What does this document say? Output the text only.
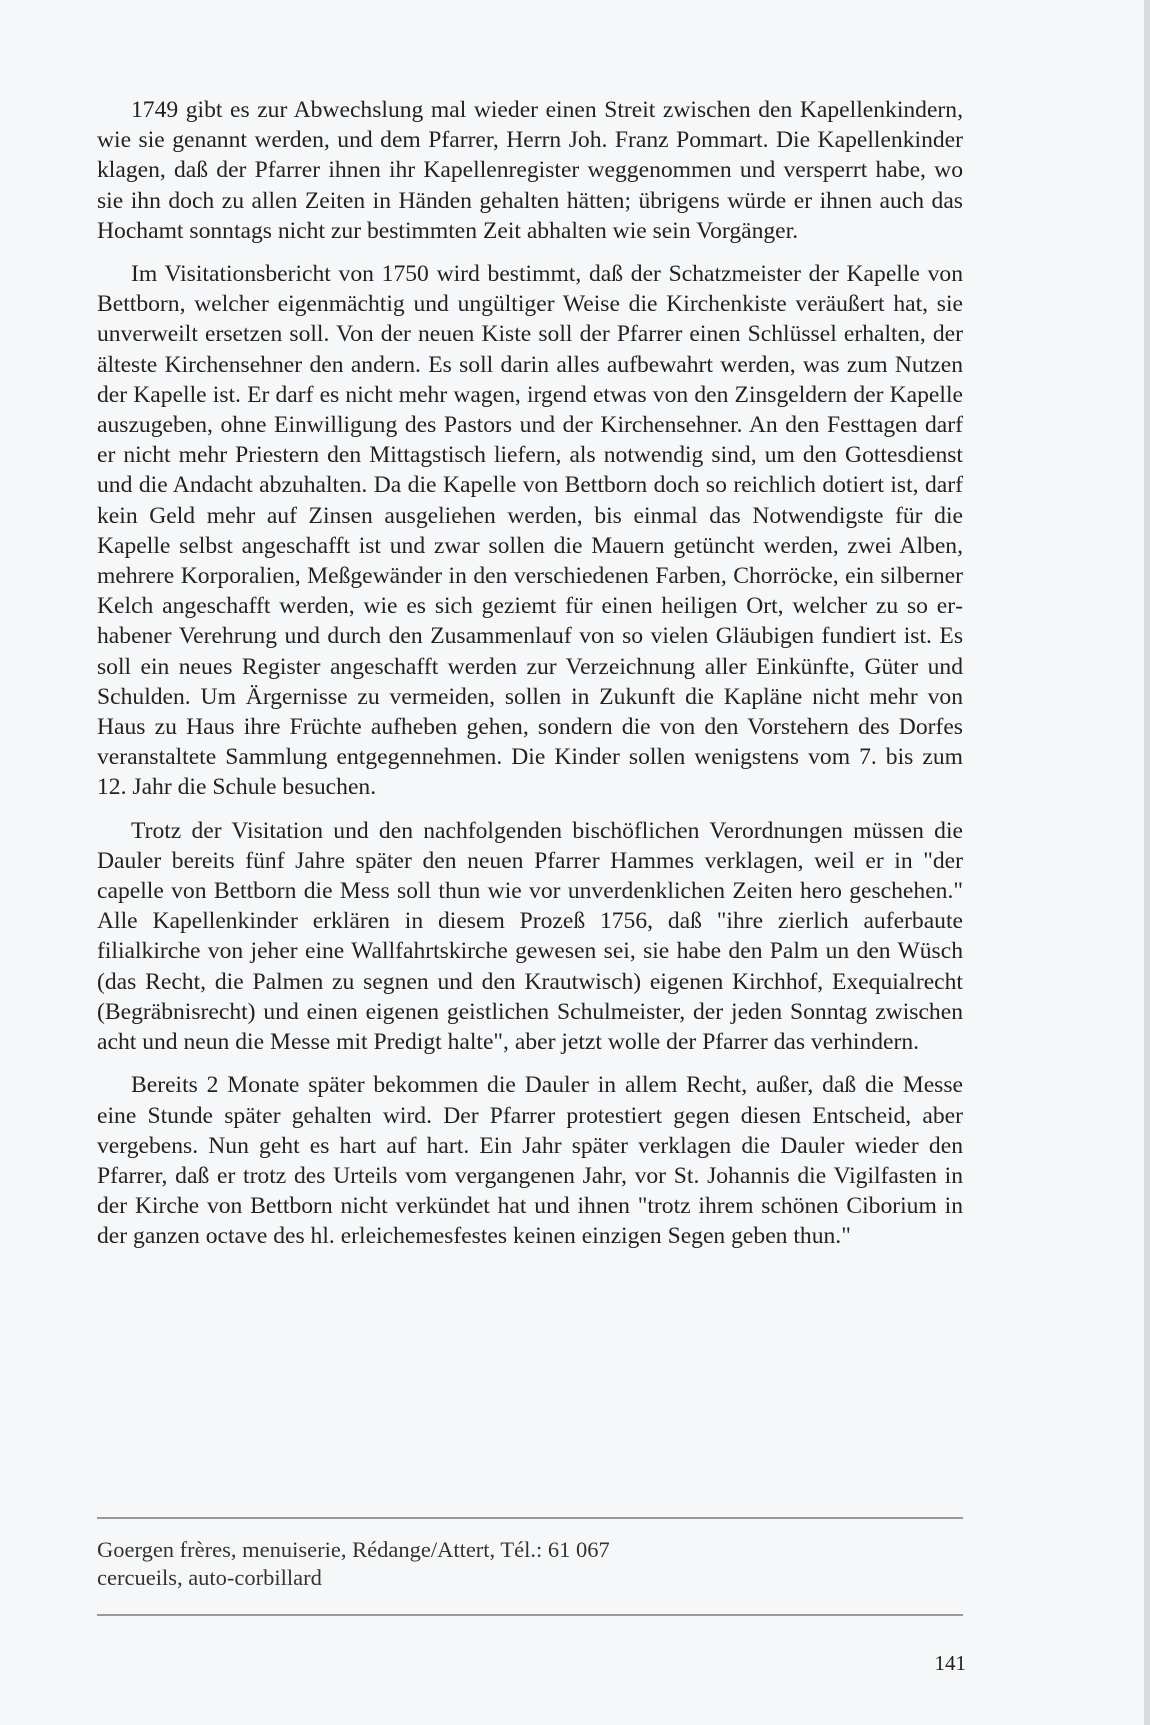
1749 gibt es zur Abwechslung mal wieder einen Streit zwischen den Kapellenkindern, wie sie genannt werden, und dem Pfarrer, Herrn Joh. Franz Pommart. Die Kapellenkinder klagen, daß der Pfarrer ihnen ihr Kapellenregister weggenommen und versperrt habe, wo sie ihn doch zu allen Zeiten in Händen gehalten hätten; übrigens würde er ihnen auch das Hochamt sonntags nicht zur bestimmten Zeit abhalten wie sein Vorgänger.

Im Visitationsbericht von 1750 wird bestimmt, daß der Schatzmeister der Kapelle von Bettborn, welcher eigenmächtig und ungültiger Weise die Kirchenkiste veräußert hat, sie unverweilt ersetzen soll. Von der neuen Kiste soll der Pfarrer einen Schlüssel erhalten, der älteste Kirchensehner den andern. Es soll darin alles aufbewahrt werden, was zum Nutzen der Kapelle ist. Er darf es nicht mehr wagen, irgend etwas von den Zinsgeldern der Kapelle auszugeben, ohne Einwilligung des Pastors und der Kirchensehner. An den Festtagen darf er nicht mehr Priestern den Mittagstisch liefern, als notwendig sind, um den Gottesdienst und die Andacht abzuhalten. Da die Kapelle von Bettborn doch so reichlich dotiert ist, darf kein Geld mehr auf Zinsen ausgeliehen werden, bis einmal das Notwendigste für die Kapelle selbst angeschafft ist und zwar sollen die Mauern getüncht werden, zwei Alben, mehrere Korporalien, Meßgewänder in den verschiedenen Farben, Chorröcke, ein silberner Kelch angeschafft werden, wie es sich geziemt für einen heiligen Ort, welcher zu so erhabener Verehrung und durch den Zusammenlauf von so vielen Gläubigen fundiert ist. Es soll ein neues Register angeschafft werden zur Verzeichnung aller Einkünfte, Güter und Schulden. Um Ärgernisse zu vermeiden, sollen in Zukunft die Kapläne nicht mehr von Haus zu Haus ihre Früchte aufheben gehen, sondern die von den Vorstehern des Dorfes veranstaltete Sammlung entgegennehmen. Die Kinder sollen wenigstens vom 7. bis zum 12. Jahr die Schule besuchen.

Trotz der Visitation und den nachfolgenden bischöflichen Verordnungen müssen die Dauler bereits fünf Jahre später den neuen Pfarrer Hammes verklagen, weil er in "der capelle von Bettborn die Mess soll thun wie vor unverdenklichen Zeiten hero geschehen." Alle Kapellenkinder erklären in diesem Prozeß 1756, daß "ihre zierlich auferbaute filialkirche von jeher eine Wallfahrtskirche gewesen sei, sie habe den Palm un den Wüsch (das Recht, die Palmen zu segnen und den Krautwisch) eigenen Kirchhof, Exequialrecht (Begräbnisrecht) und einen eigenen geistlichen Schulmeister, der jeden Sonntag zwischen acht und neun die Messe mit Predigt halte", aber jetzt wolle der Pfarrer das verhindern.

Bereits 2 Monate später bekommen die Dauler in allem Recht, außer, daß die Messe eine Stunde später gehalten wird. Der Pfarrer protestiert gegen diesen Entscheid, aber vergebens. Nun geht es hart auf hart. Ein Jahr später verklagen die Dauler wieder den Pfarrer, daß er trotz des Urteils vom vergangenen Jahr, vor St. Johannis die Vigilfasten in der Kirche von Bettborn nicht verkündet hat und ihnen "trotz ihrem schönen Ciborium in der ganzen octave des hl. erleichemesfestes keinen einzigen Segen geben thun."

Goergen frères, menuiserie, Rédange/Attert, Tél.: 61 067
cercueils, auto-corbillard
141
